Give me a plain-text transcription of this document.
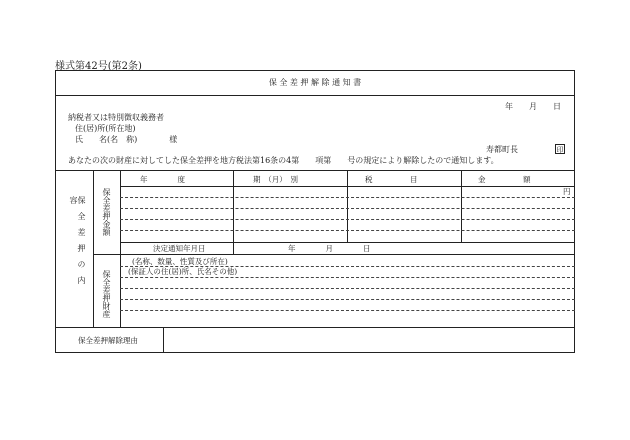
様式第42号(第2条)
保 全 差 押 解 除 通 知 書
年　　月　　日
納税者又は特別徴収義務者
住(居)所(所在地)
氏　　名(名　称)　　　　様
寿都町長	印
あなたの次の財産に対してした保全差押を地方税法第16条の4第　　項第　　号の規定により解除したので通知します。
保全差押の内容	保全差押金額
年　　　　度	期　（月）　別	税　　　　　目	金　　　　　額
円
決定通知年月日	年　　　　月　　　　日
保全差押財産
(名称、数量、性質及び所在)
(保証人の住(居)所、氏名その他)
保全差押解除理由
